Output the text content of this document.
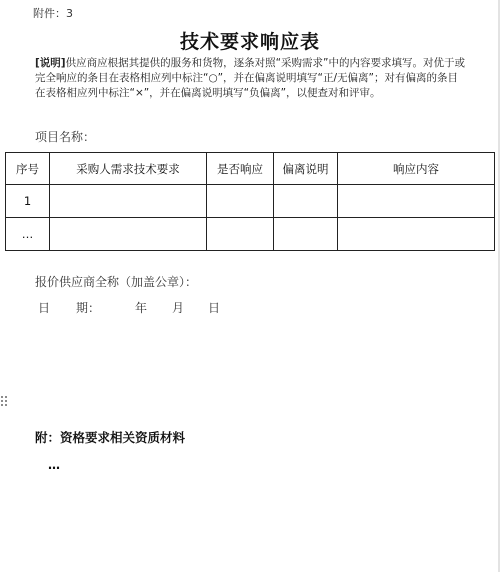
附件：3
技术要求响应表
[说明]供应商应根据其提供的服务和货物，逐条对照“采购需求”中的内容要求填写。对优于或完全响应的条目在表格相应列中标注“○”，并在偏离说明填写“正/无偏离”；对有偏离的条目在表格相应列中标注“×”，并在偏离说明填写“负偏离”，以便查对和评审。
项目名称：
序号	采购人需求技术要求	是否响应	偏离说明	响应内容
1				
…				
报价供应商全称（加盖公章）：
日 期：	年 月 日
附：资格要求相关资质材料
…
